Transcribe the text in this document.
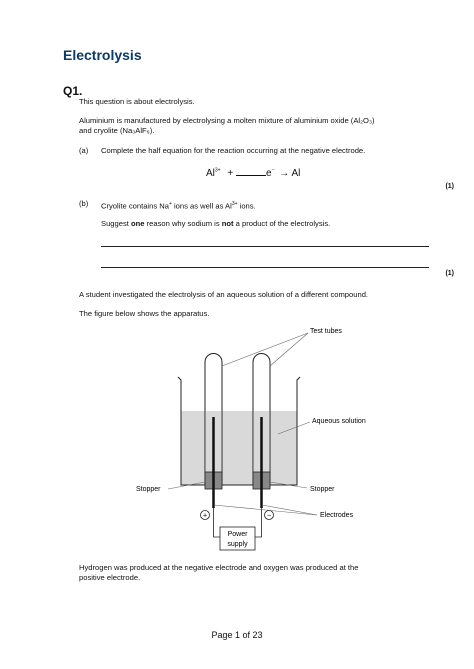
Electrolysis
Q1.
This question is about electrolysis.
Aluminium is manufactured by electrolysing a molten mixture of aluminium oxide (Al₂O₃)
and cryolite (Na₃AlF₆).
(a) Complete the half equation for the reaction occurring at the negative electrode.
$Al^{3+}$ +	e− → Al
(1)
(b) Cryolite contains Na+ ions as well as $Al^{3+}$ ions.
Suggest one reason why sodium is not a product of the electrolysis.
(1)
A student investigated the electrolysis of an aqueous solution of a different compound.
The figure below shows the apparatus.
+	−
Power
supply
Test tubes
Aqueous solution
Stopper	Stopper
Electrodes
Hydrogen was produced at the negative electrode and oxygen was produced at the
positive electrode.
Page 1 of 23
